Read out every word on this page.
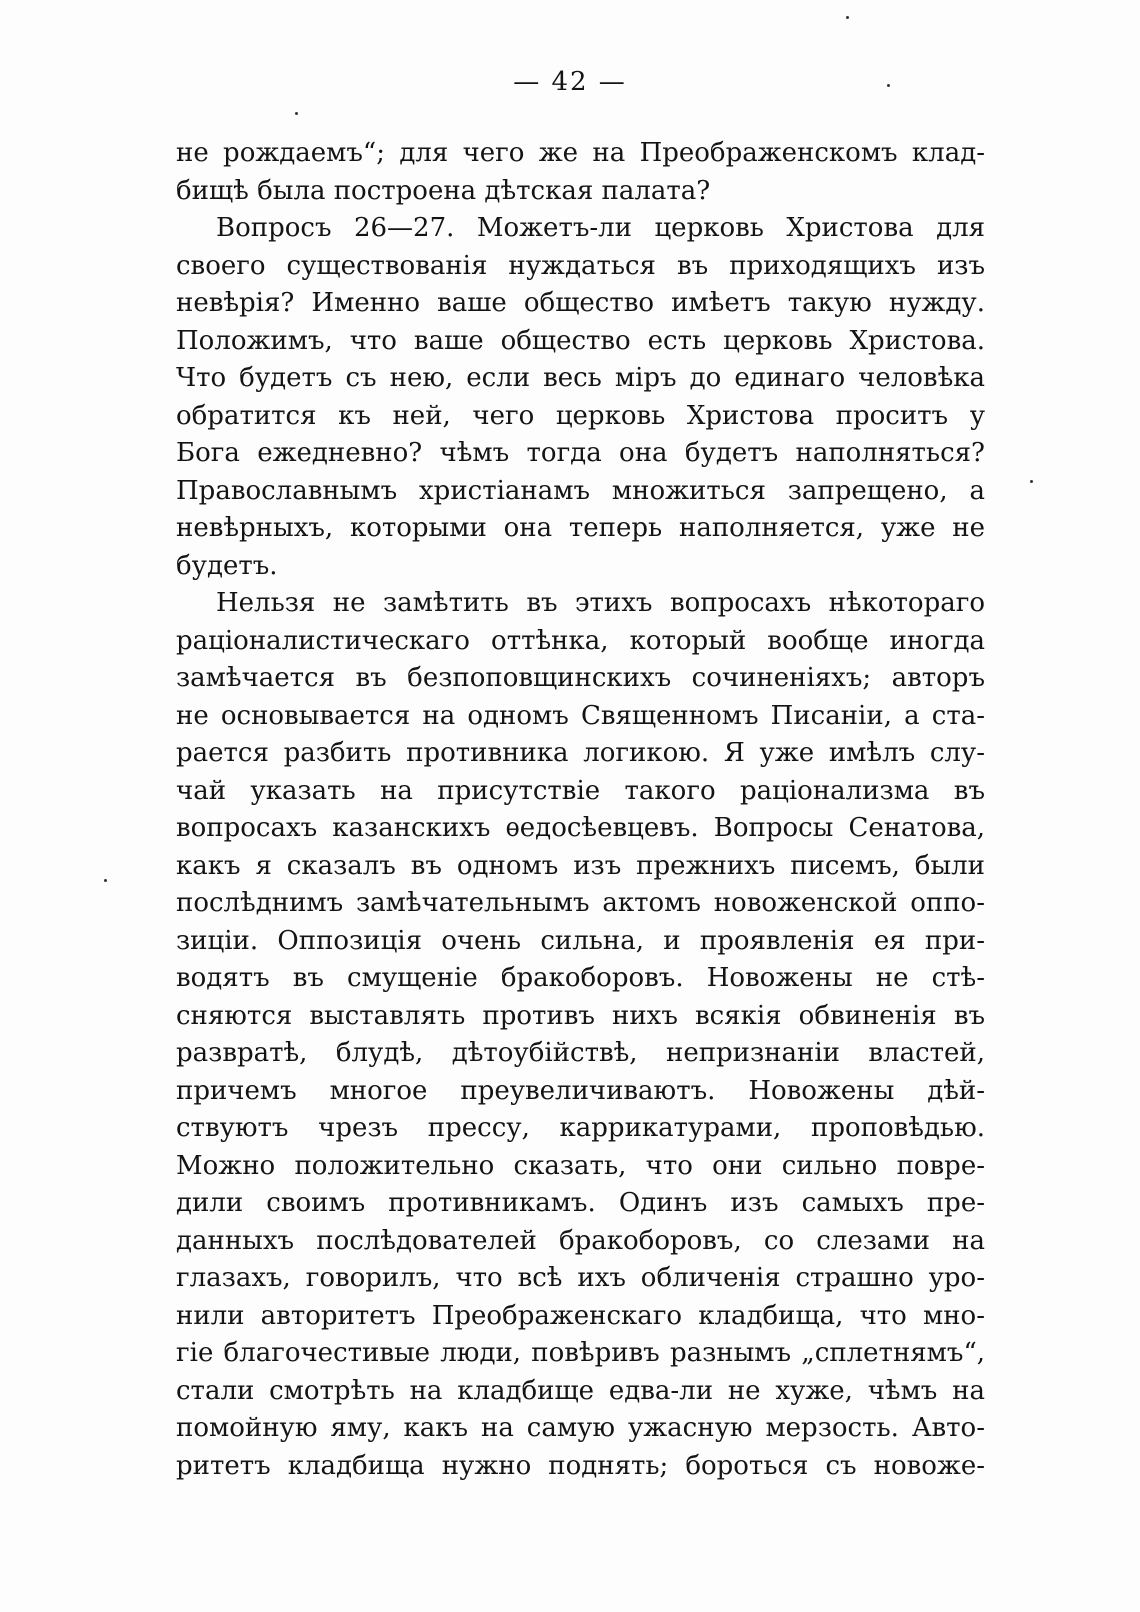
— 42 —
не рождаемъ“; для чего же на Преображенскомъ клад-
бищѣ была построена дѣтская палата?
Вопросъ 26—27. Можетъ-ли церковь Христова для
своего существованія нуждаться въ приходящихъ изъ
невѣрія? Именно ваше общество имѣетъ такую нужду.
Положимъ, что ваше общество есть церковь Христова.
Что будетъ съ нею, если весь міръ до единаго человѣка
обратится къ ней, чего церковь Христова проситъ у
Бога ежедневно? чѣмъ тогда она будетъ наполняться?
Православнымъ христіанамъ множиться запрещено, а
невѣрныхъ, которыми она теперь наполняется, уже не
будетъ.
Нельзя не замѣтить въ этихъ вопросахъ нѣкотораго
раціоналистическаго оттѣнка, который вообще иногда
замѣчается въ безпоповщинскихъ сочиненіяхъ; авторъ
не основывается на одномъ Священномъ Писаніи, а ста-
рается разбить противника логикою. Я уже имѣлъ слу-
чай указать на присутствіе такого раціонализма въ
вопросахъ казанскихъ ѳедосѣевцевъ. Вопросы Сенатова,
какъ я сказалъ въ одномъ изъ прежнихъ писемъ, были
послѣднимъ замѣчательнымъ актомъ новоженской оппо-
зиціи. Оппозиція очень сильна, и проявленія ея при-
водятъ въ смущеніе бракоборовъ. Новожены не стѣ-
сняются выставлять противъ нихъ всякія обвиненія въ
развратѣ, блудѣ, дѣтоубійствѣ, непризнаніи властей,
причемъ многое преувеличиваютъ. Новожены дѣй-
ствуютъ чрезъ прессу, каррикатурами, проповѣдью.
Можно положительно сказать, что они сильно повре-
дили своимъ противникамъ. Одинъ изъ самыхъ пре-
данныхъ послѣдователей бракоборовъ, со слезами на
глазахъ, говорилъ, что всѣ ихъ обличенія страшно уро-
нили авторитетъ Преображенскаго кладбища, что мно-
гіе благочестивые люди, повѣривъ разнымъ „сплетнямъ“,
стали смотрѣть на кладбище едва-ли не хуже, чѣмъ на
помойную яму, какъ на самую ужасную мерзость. Авто-
ритетъ кладбища нужно поднять; бороться съ новоже-
